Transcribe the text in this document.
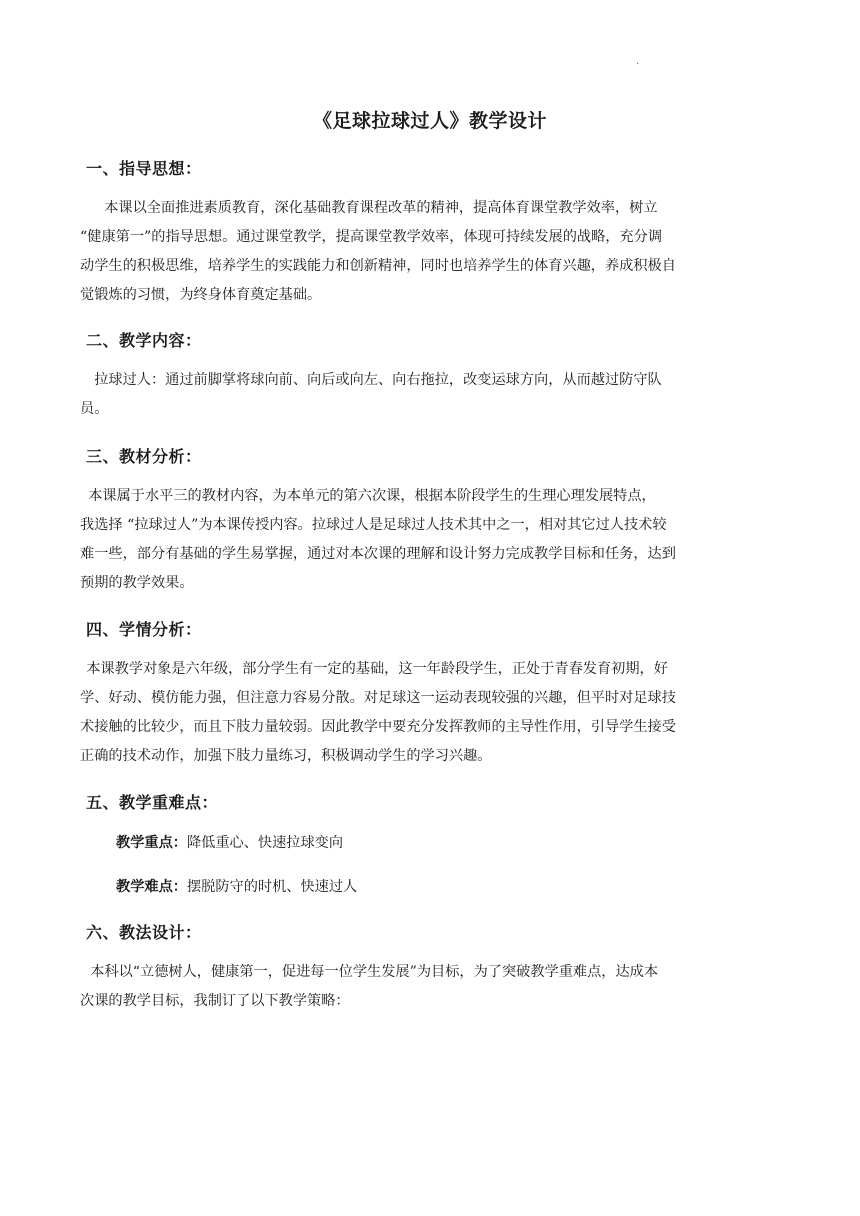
.
《足球拉球过人》教学设计
一、指导思想：

　本课以全面推进素质教育，深化基础教育课程改革的精神，提高体育课堂教学效率，树立
“健康第一”的指导思想。通过课堂教学，提高课堂教学效率，体现可持续发展的战略，充分调
动学生的积极思维，培养学生的实践能力和创新精神，同时也培养学生的体育兴趣，养成积极自
觉锻炼的习惯，为终身体育奠定基础。

二、教学内容：

　拉球过人：通过前脚掌将球向前、向后或向左、向右拖拉，改变运球方向，从而越过防守队
员。

三、教材分析：

　本课属于水平三的教材内容，为本单元的第六次课，根据本阶段学生的生理心理发展特点，
我选择 “拉球过人”为本课传授内容。拉球过人是足球过人技术其中之一，相对其它过人技术较
难一些，部分有基础的学生易掌握，通过对本次课的理解和设计努力完成教学目标和任务，达到
预期的教学效果。

四、学情分析：

　本课教学对象是六年级，部分学生有一定的基础，这一年龄段学生，正处于青春发育初期，好
学、好动、模仿能力强，但注意力容易分散。对足球这一运动表现较强的兴趣，但平时对足球技
术接触的比较少，而且下肢力量较弱。因此教学中要充分发挥教师的主导性作用，引导学生接受
正确的技术动作，加强下肢力量练习，积极调动学生的学习兴趣。

五、教学重难点：
教学重点：降低重心、快速拉球变向
教学难点：摆脱防守的时机、快速过人
六、教法设计：

　本科以“立德树人，健康第一，促进每一位学生发展”为目标，为了突破教学重难点，达成本
次课的教学目标，我制订了以下教学策略：
